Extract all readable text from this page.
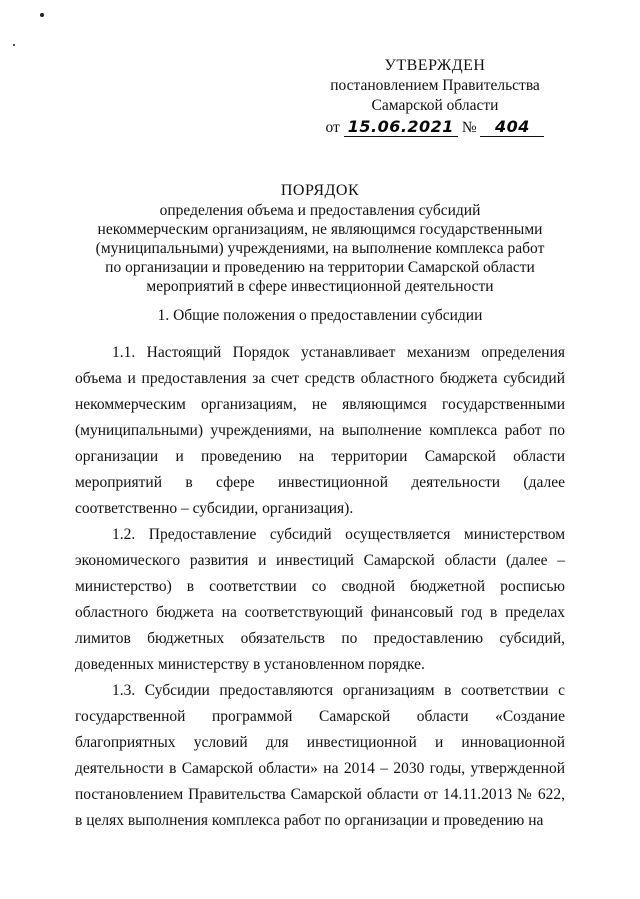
УТВЕРЖДЕН
постановлением Правительства
Самарской области
от 15.06.2021 № 404
ПОРЯДОК
определения объема и предоставления субсидий
некоммерческим организациям, не являющимся государственными
(муниципальными) учреждениями, на выполнение комплекса работ
по организации и проведению на территории Самарской области
мероприятий в сфере инвестиционной деятельности
1. Общие положения о предоставлении субсидии

1.1. Настоящий Порядок устанавливает механизм определения объема и предоставления за счет средств областного бюджета субсидий некоммерческим организациям, не являющимся государственными (муниципальными) учреждениями, на выполнение комплекса работ по организации и проведению на территории Самарской области мероприятий в сфере инвестиционной деятельности (далее соответственно – субсидии, организация).

1.2. Предоставление субсидий осуществляется министерством экономического развития и инвестиций Самарской области (далее – министерство) в соответствии со сводной бюджетной росписью областного бюджета на соответствующий финансовый год в пределах лимитов бюджетных обязательств по предоставлению субсидий, доведенных министерству в установленном порядке.

1.3. Субсидии предоставляются организациям в соответствии с государственной программой Самарской области «Создание благоприятных условий для инвестиционной и инновационной деятельности в Самарской области» на 2014 – 2030 годы, утвержденной постановлением Правительства Самарской области от 14.11.2013 № 622, в целях выполнения комплекса работ по организации и проведению на
